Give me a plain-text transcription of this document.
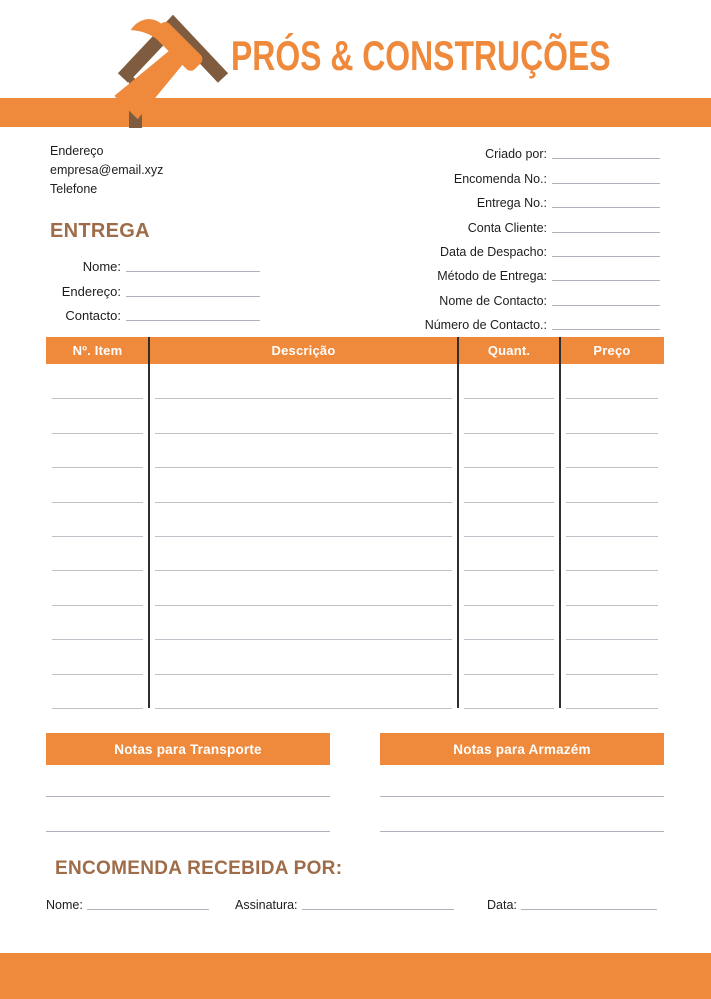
PRÓS & CONSTRUÇÕES
Endereço
empresa@email.xyz
Telefone
Criado por:
Encomenda No.:
Entrega No.:
Conta Cliente:
Data de Despacho:
Método de Entrega:
Nome de Contacto:
Número de Contacto.:
ENTREGA
Nome:
Endereço:
Contacto:
Nº. Item	Descrição	Quant.	Preço
Notas para Transporte	Notas para Armazém
ENCOMENDA RECEBIDA POR:
Nome:	Assinatura:	Data:
